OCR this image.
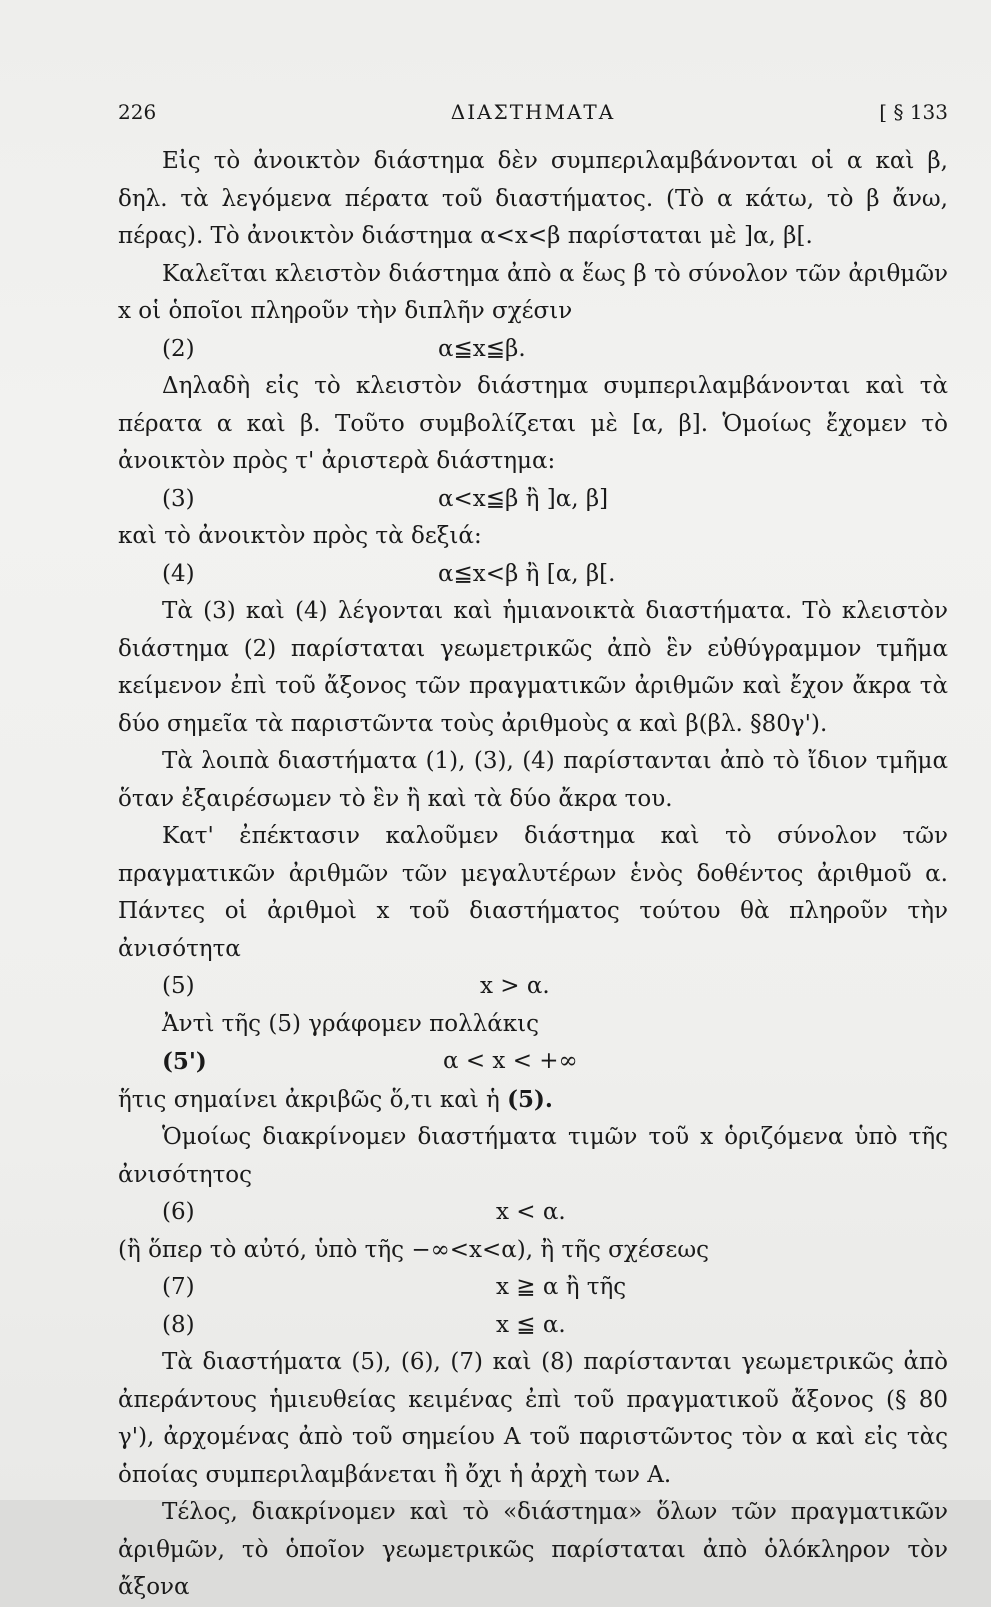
226	ΔΙΑΣΤΗΜΑΤΑ	[ § 133

Εἰς τὸ ἀνοικτὸν διάστημα δὲν συμπεριλαμβάνονται οἱ α καὶ β, δηλ. τὰ λεγόμενα πέρατα τοῦ διαστήματος. (Τὸ α κάτω, τὸ β ἄνω, πέρας). Τὸ ἀνοικτὸν διάστημα α<x<β παρίσταται μὲ ]α, β[.

Καλεῖται κλειστὸν διάστημα ἀπὸ α ἕως β τὸ σύνολον τῶν ἀριθμῶν x οἱ ὁποῖοι πληροῦν τὴν διπλῆν σχέσιν

(2)	α≦x≦β.

Δηλαδὴ εἰς τὸ κλειστὸν διάστημα συμπεριλαμβάνονται καὶ τὰ πέρατα α καὶ β. Τοῦτο συμβολίζεται μὲ [α, β]. Ὁμοίως ἔχομεν τὸ ἀνοικτὸν πρὸς τ' ἀριστερὰ διάστημα:

(3)	α<x≦β ἢ ]α, β]

καὶ τὸ ἀνοικτὸν πρὸς τὰ δεξιά:

(4)	α≦x<β ἢ [α, β[.

Τὰ (3) καὶ (4) λέγονται καὶ ἡμιανοικτὰ διαστήματα. Τὸ κλειστὸν διάστημα (2) παρίσταται γεωμετρικῶς ἀπὸ ἓν εὐθύγραμμον τμῆμα κείμενον ἐπὶ τοῦ ἄξονος τῶν πραγματικῶν ἀριθμῶν καὶ ἔχον ἄκρα τὰ δύο σημεῖα τὰ παριστῶντα τοὺς ἀριθμοὺς α καὶ β(βλ. §80γ').

Τὰ λοιπὰ διαστήματα (1), (3), (4) παρίστανται ἀπὸ τὸ ἴδιον τμῆμα ὅταν ἐξαιρέσωμεν τὸ ἓν ἢ καὶ τὰ δύο ἄκρα του.

Κατ' ἐπέκτασιν καλοῦμεν διάστημα καὶ τὸ σύνολον τῶν πραγματικῶν ἀριθμῶν τῶν μεγαλυτέρων ἑνὸς δοθέντος ἀριθμοῦ α. Πάντες οἱ ἀριθμοὶ x τοῦ διαστήματος τούτου θὰ πληροῦν τὴν ἀνισότητα

(5)	x > α.

Ἀντὶ τῆς (5) γράφομεν πολλάκις

(5')	α < x < +∞

ἥτις σημαίνει ἀκριβῶς ὅ,τι καὶ ἡ (5).

Ὁμοίως διακρίνομεν διαστήματα τιμῶν τοῦ x ὁριζόμενα ὑπὸ τῆς ἀνισότητος

(6)	x < α.

(ἢ ὅπερ τὸ αὐτό, ὑπὸ τῆς −∞<x<α), ἢ τῆς σχέσεως

(7)	x ≧ α ἢ τῆς
(8)	x ≦ α.

Τὰ διαστήματα (5), (6), (7) καὶ (8) παρίστανται γεωμετρικῶς ἀπὸ ἀπεράντους ἡμιευθείας κειμένας ἐπὶ τοῦ πραγματικοῦ ἄξονος (§ 80 γ'), ἀρχομένας ἀπὸ τοῦ σημείου Α τοῦ παριστῶντος τὸν α καὶ εἰς τὰς ὁποίας συμπεριλαμβάνεται ἢ ὄχι ἡ ἀρχὴ των Α.

Τέλος, διακρίνομεν καὶ τὸ «διάστημα» ὅλων τῶν πραγματικῶν ἀριθμῶν, τὸ ὁποῖον γεωμετρικῶς παρίσταται ἀπὸ ὁλόκληρον τὸν ἄξονα
